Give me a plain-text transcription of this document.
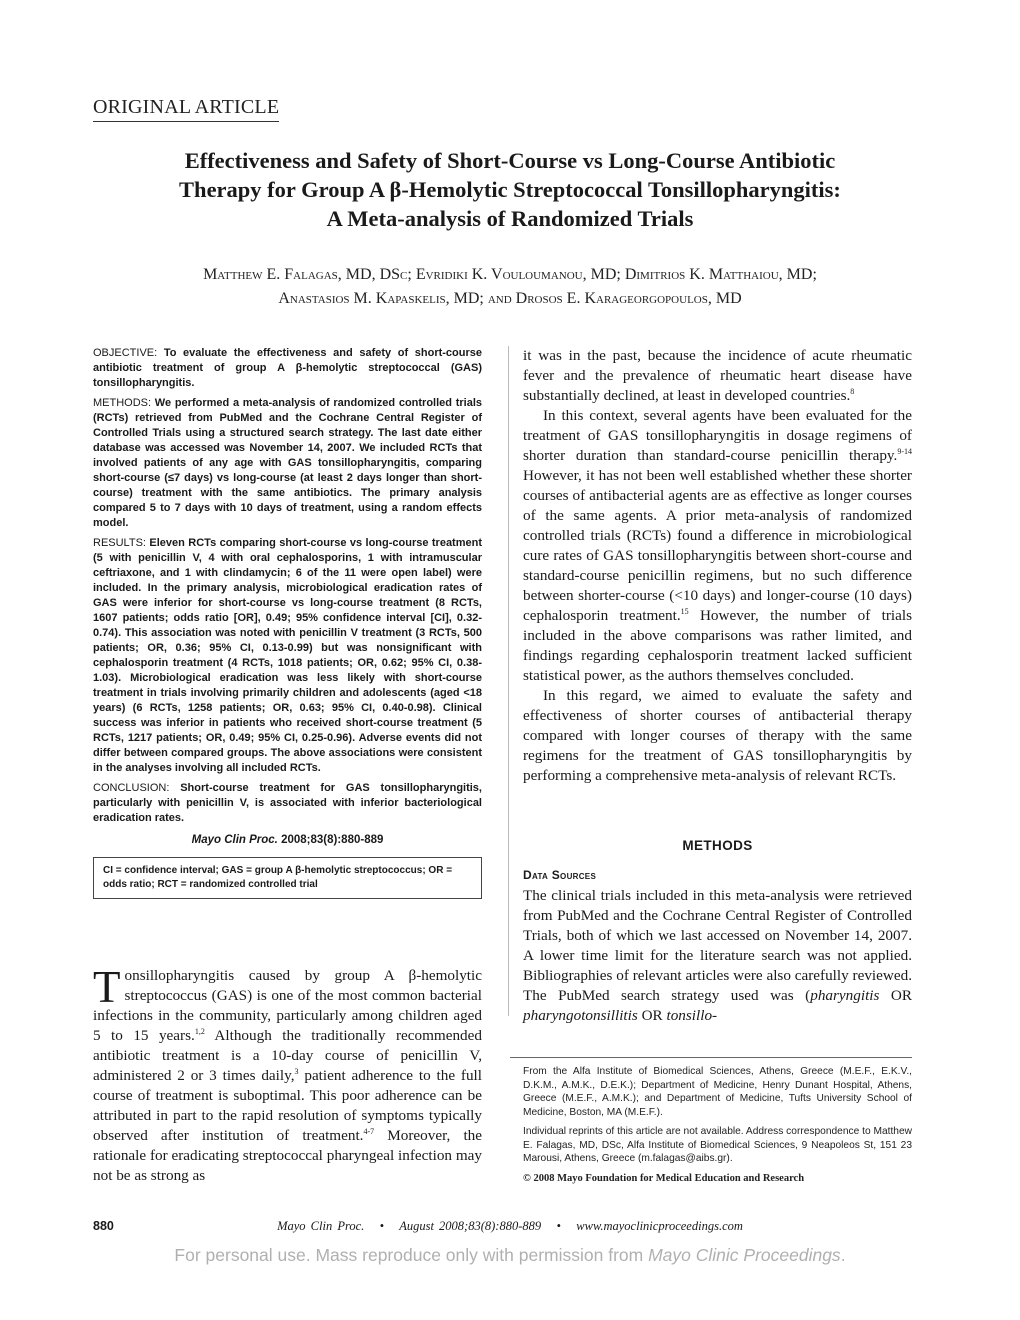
ORIGINAL ARTICLE
Effectiveness and Safety of Short-Course vs Long-Course Antibiotic
Therapy for Group A β-Hemolytic Streptococcal Tonsillopharyngitis:
A Meta-analysis of Randomized Trials
Matthew E. Falagas, MD, DSc; Evridiki K. Vouloumanou, MD; Dimitrios K. Matthaiou, MD;
Anastasios M. Kapaskelis, MD; and Drosos E. Karageorgopoulos, MD

OBJECTIVE: To evaluate the effectiveness and safety of short-course antibiotic treatment of group A β-hemolytic streptococcal (GAS) tonsillopharyngitis.

METHODS: We performed a meta-analysis of randomized controlled trials (RCTs) retrieved from PubMed and the Cochrane Central Register of Controlled Trials using a structured search strategy. The last date either database was accessed was November 14, 2007. We included RCTs that involved patients of any age with GAS tonsillopharyngitis, comparing short-course (≤7 days) vs long-course (at least 2 days longer than short-course) treatment with the same antibiotics. The primary analysis compared 5 to 7 days with 10 days of treatment, using a random effects model.

RESULTS: Eleven RCTs comparing short-course vs long-course treatment (5 with penicillin V, 4 with oral cephalosporins, 1 with intramuscular ceftriaxone, and 1 with clindamycin; 6 of the 11 were open label) were included. In the primary analysis, microbiological eradication rates of GAS were inferior for short-course vs long-course treatment (8 RCTs, 1607 patients; odds ratio [OR], 0.49; 95% confidence interval [CI], 0.32-0.74). This association was noted with penicillin V treatment (3 RCTs, 500 patients; OR, 0.36; 95% CI, 0.13-0.99) but was nonsignificant with cephalosporin treatment (4 RCTs, 1018 patients; OR, 0.62; 95% CI, 0.38-1.03). Microbiological eradication was less likely with short-course treatment in trials involving primarily children and adolescents (aged <18 years) (6 RCTs, 1258 patients; OR, 0.63; 95% CI, 0.40-0.98). Clinical success was inferior in patients who received short-course treatment (5 RCTs, 1217 patients; OR, 0.49; 95% CI, 0.25-0.96). Adverse events did not differ between compared groups. The above associations were consistent in the analyses involving all included RCTs.

CONCLUSION: Short-course treatment for GAS tonsillopharyngitis, particularly with penicillin V, is associated with inferior bacteriological eradication rates.

Mayo Clin Proc. 2008;83(8):880-889
CI = confidence interval; GAS = group A β-hemolytic streptococcus; OR = odds ratio; RCT = randomized controlled trial

Tonsillopharyngitis caused by group A β-hemolytic streptococcus (GAS) is one of the most common bacterial infections in the community, particularly among children aged 5 to 15 years.$^{1,2}$ Although the traditionally recommended antibiotic treatment is a 10-day course of penicillin V, administered 2 or 3 times daily,$^3$ patient adherence to the full course of treatment is suboptimal. This poor adherence can be attributed in part to the rapid resolution of symptoms typically observed after institution of treatment.$^{4-7}$ Moreover, the rationale for eradicating streptococcal pharyngeal infection may not be as strong as

it was in the past, because the incidence of acute rheumatic fever and the prevalence of rheumatic heart disease have substantially declined, at least in developed countries.$^8$

In this context, several agents have been evaluated for the treatment of GAS tonsillopharyngitis in dosage regimens of shorter duration than standard-course penicillin therapy.$^{9-14}$ However, it has not been well established whether these shorter courses of antibacterial agents are as effective as longer courses of the same agents. A prior meta-analysis of randomized controlled trials (RCTs) found a difference in microbiological cure rates of GAS tonsillopharyngitis between short-course and standard-course penicillin regimens, but no such difference between shorter-course (<10 days) and longer-course (10 days) cephalosporin treatment.$^{15}$ However, the number of trials included in the above comparisons was rather limited, and findings regarding cephalosporin treatment lacked sufficient statistical power, as the authors themselves concluded.

In this regard, we aimed to evaluate the safety and effectiveness of shorter courses of antibacterial therapy compared with longer courses of therapy with the same regimens for the treatment of GAS tonsillopharyngitis by performing a comprehensive meta-analysis of relevant RCTs.

METHODS
Data Sources

The clinical trials included in this meta-analysis were retrieved from PubMed and the Cochrane Central Register of Controlled Trials, both of which we last accessed on November 14, 2007. A lower time limit for the literature search was not applied. Bibliographies of relevant articles were also carefully reviewed. The PubMed search strategy used was (pharyngitis OR pharyngotonsillitis OR tonsillo-

From the Alfa Institute of Biomedical Sciences, Athens, Greece (M.E.F., E.K.V., D.K.M., A.M.K., D.E.K.); Department of Medicine, Henry Dunant Hospital, Athens, Greece (M.E.F., A.M.K.); and Department of Medicine, Tufts University School of Medicine, Boston, MA (M.E.F.).

Individual reprints of this article are not available. Address correspondence to Matthew E. Falagas, MD, DSc, Alfa Institute of Biomedical Sciences, 9 Neapoleos St, 151 23 Marousi, Athens, Greece (m.falagas@aibs.gr).

© 2008 Mayo Foundation for Medical Education and Research

880	Mayo Clin Proc. • August 2008;83(8):880-889 • www.mayoclinicproceedings.com
For personal use. Mass reproduce only with permission from Mayo Clinic Proceedings.
